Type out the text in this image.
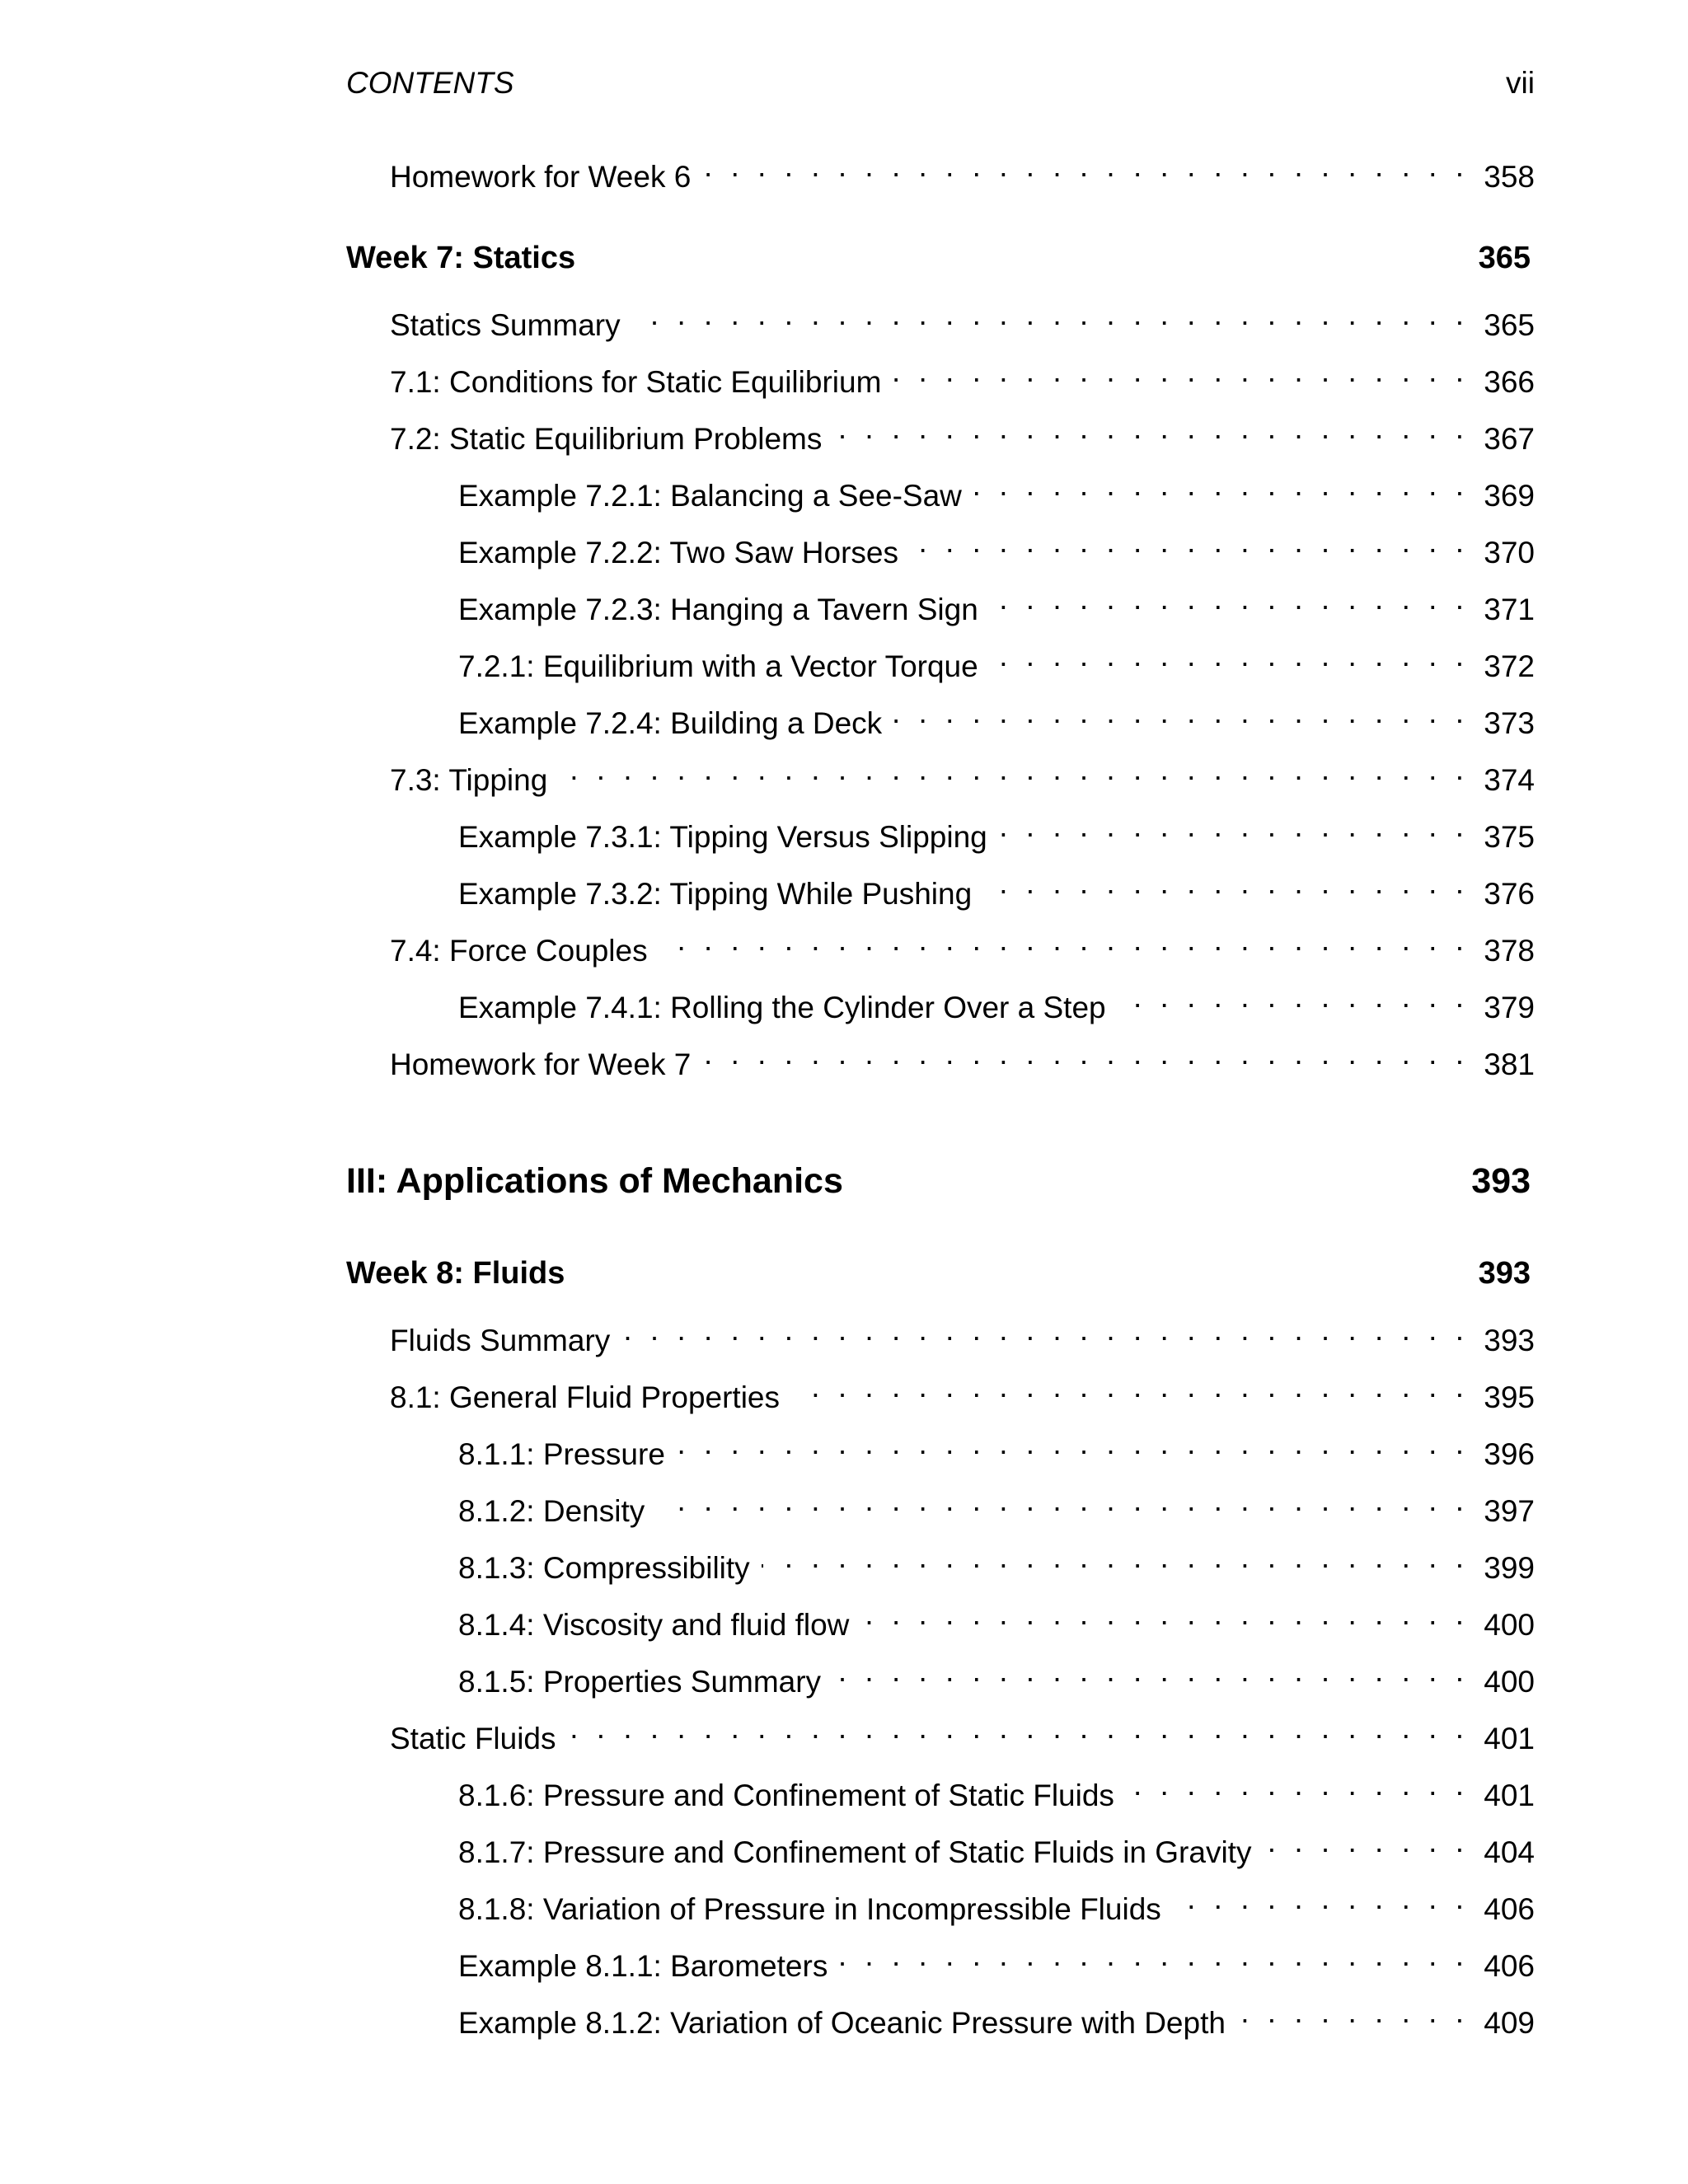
CONTENTS	vii
Homework for Week 6 . . .	358
Week 7: Statics	365
Statics Summary . . .	365
7.1: Conditions for Static Equilibrium . . .	366
7.2: Static Equilibrium Problems . . .	367
Example 7.2.1: Balancing a See-Saw . . .	369
Example 7.2.2: Two Saw Horses . . .	370
Example 7.2.3: Hanging a Tavern Sign . . .	371
7.2.1: Equilibrium with a Vector Torque . . .	372
Example 7.2.4: Building a Deck . . .	373
7.3: Tipping . . .	374
Example 7.3.1: Tipping Versus Slipping . . .	375
Example 7.3.2: Tipping While Pushing . . .	376
7.4: Force Couples . . .	378
Example 7.4.1: Rolling the Cylinder Over a Step . . .	379
Homework for Week 7 . . .	381
III: Applications of Mechanics	393
Week 8: Fluids	393
Fluids Summary . . .	393
8.1: General Fluid Properties . . .	395
8.1.1: Pressure . . .	396
8.1.2: Density . . .	397
8.1.3: Compressibility . . .	399
8.1.4: Viscosity and fluid flow . . .	400
8.1.5: Properties Summary . . .	400
Static Fluids . . .	401
8.1.6: Pressure and Confinement of Static Fluids . . .	401
8.1.7: Pressure and Confinement of Static Fluids in Gravity . . .	404
8.1.8: Variation of Pressure in Incompressible Fluids . . .	406
Example 8.1.1: Barometers . . .	406
Example 8.1.2: Variation of Oceanic Pressure with Depth . . .	409
